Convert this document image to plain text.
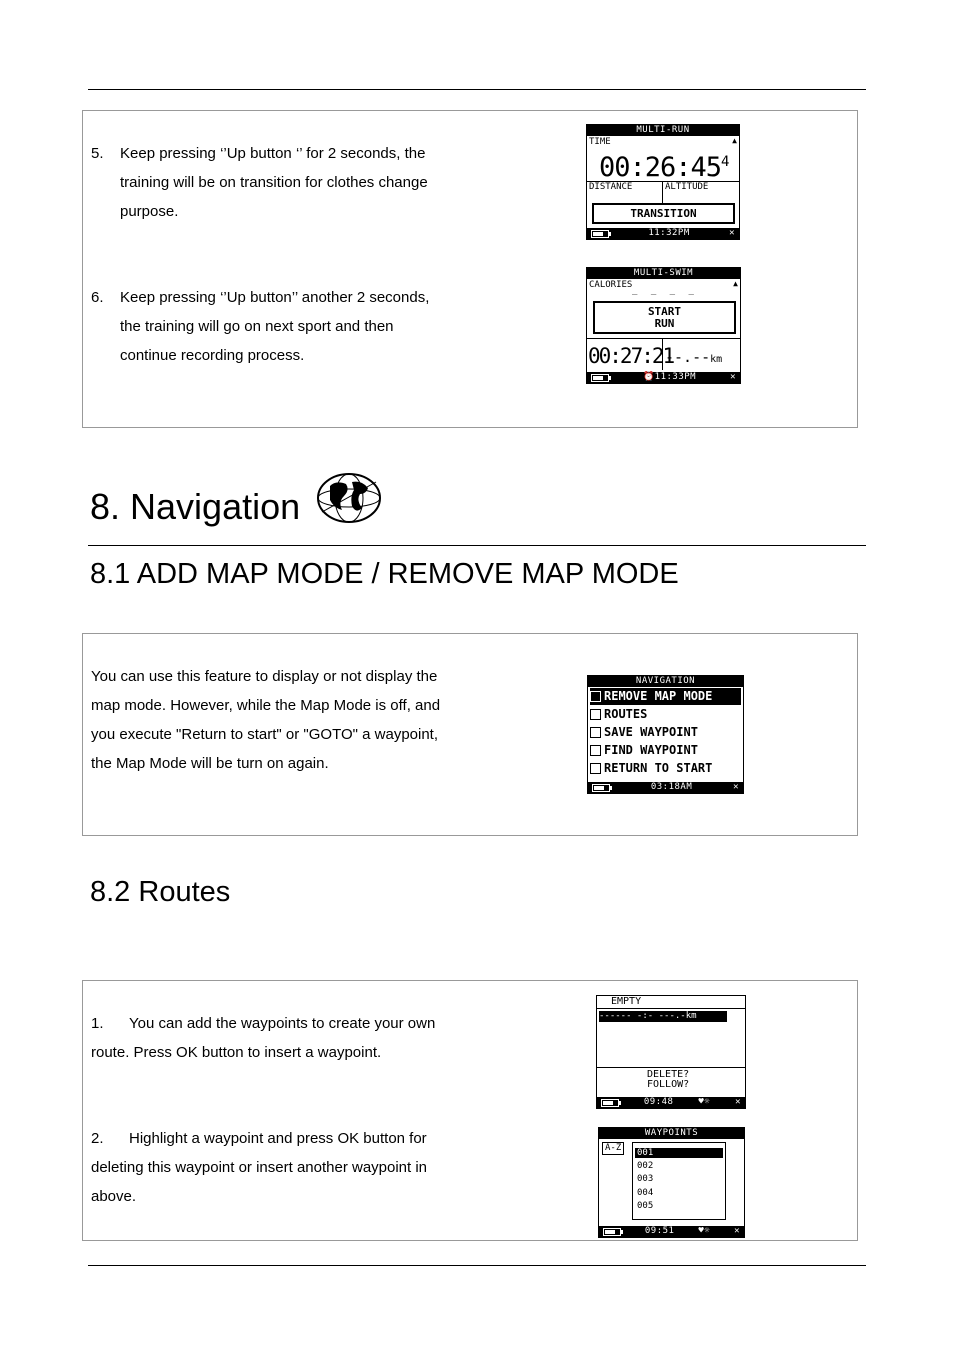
5. Keep pressing ‘’Up button ‘’ for 2 seconds, the
training will be on transition for clothes change
purpose.
6. Keep pressing ‘’Up button’’ another 2 seconds,
the training will go on next sport and then
continue recording process.
MULTI-RUN
TIME	▲
$00:26:45^4$
DISTANCE	ALTITUDE
TRANSITION
11:32PM	✕
MULTI-SWIM
CALORIES	▲
_ _ _ _
START
RUN
00:27:21
--.--km
⏰11:33PM	✕
8. Navigation
8.1 ADD MAP MODE / REMOVE MAP MODE
You can use this feature to display or not display the
map mode. However, while the Map Mode is off, and
you execute "Return to start" or "GOTO" a waypoint,
the Map Mode will be turn on again.
NAVIGATION
REMOVE MAP MODE
ROUTES
SAVE WAYPOINT
FIND WAYPOINT
RETURN TO START
03:18AM	✕
8.2 Routes
1. You can add the waypoints to create your own
route. Press OK button to insert a waypoint.
2. Highlight a waypoint and press OK button for
deleting this waypoint or insert another waypoint in
above.
EMPTY
------ -:- ---.-km
DELETE?
FOLLOW?
09:48	♥☼	✕
WAYPOINTS
A-Z	001
002
003
004
005
09:51	♥☼	✕
